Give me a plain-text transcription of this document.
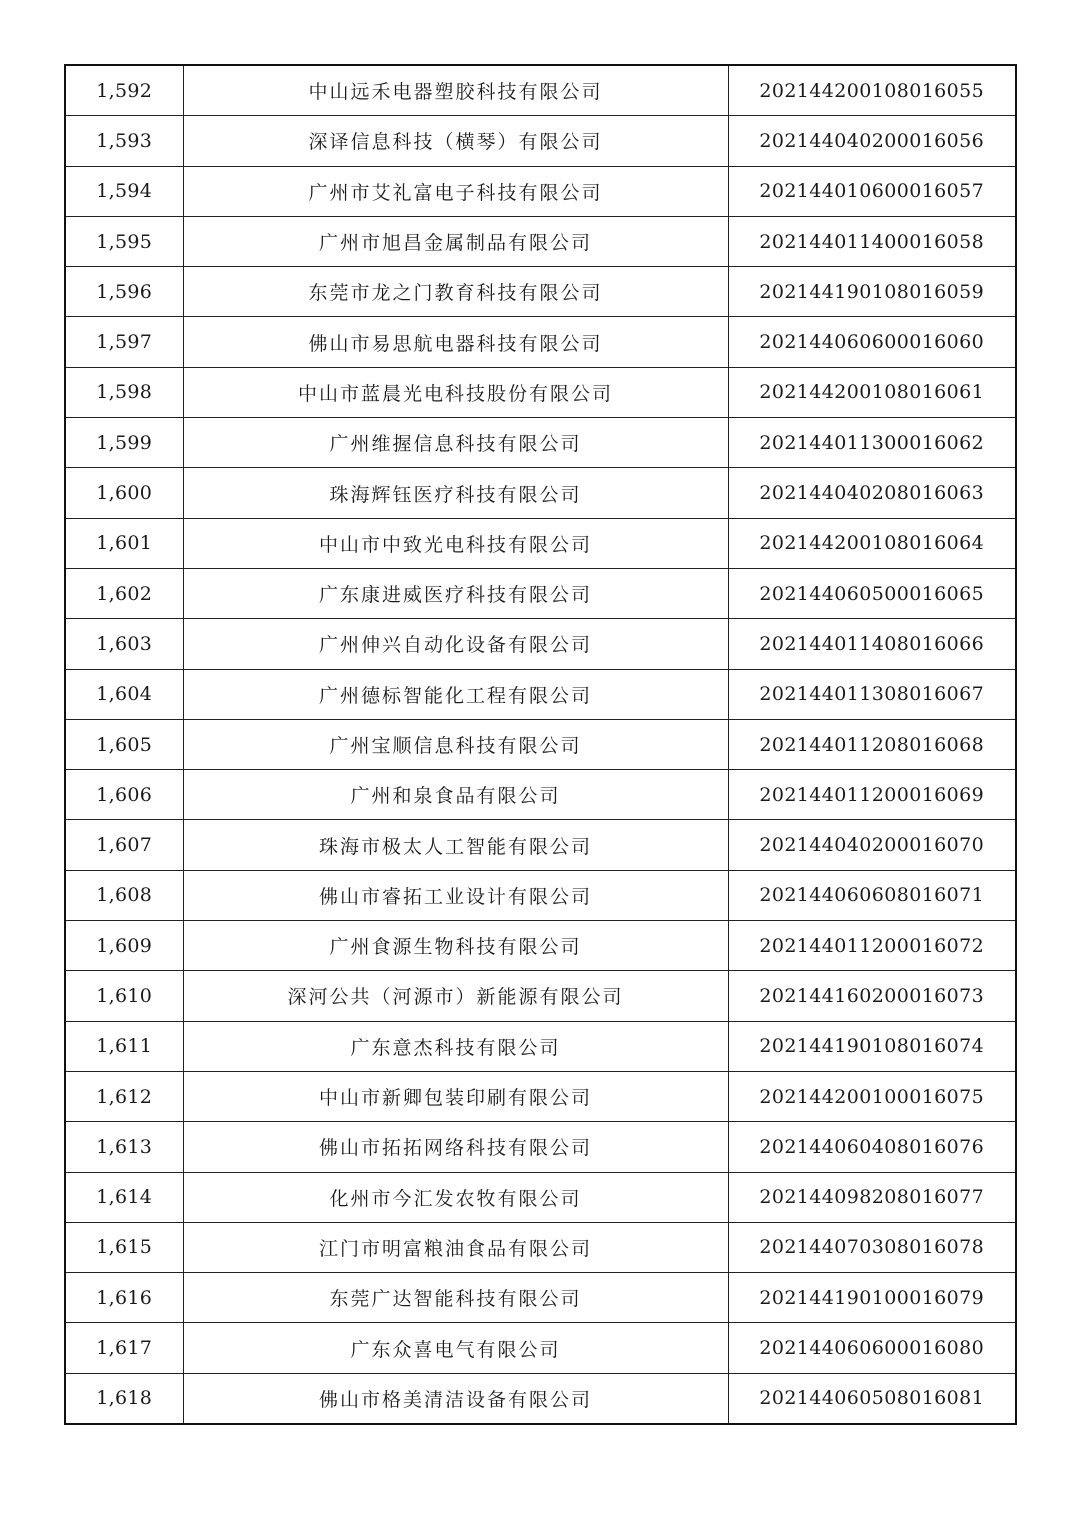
1,592	中山远禾电器塑胶科技有限公司	202144200108016055
1,593	深译信息科技（横琴）有限公司	202144040200016056
1,594	广州市艾礼富电子科技有限公司	202144010600016057
1,595	广州市旭昌金属制品有限公司	202144011400016058
1,596	东莞市龙之门教育科技有限公司	202144190108016059
1,597	佛山市易思航电器科技有限公司	202144060600016060
1,598	中山市蓝晨光电科技股份有限公司	202144200108016061
1,599	广州维握信息科技有限公司	202144011300016062
1,600	珠海辉钰医疗科技有限公司	202144040208016063
1,601	中山市中致光电科技有限公司	202144200108016064
1,602	广东康进威医疗科技有限公司	202144060500016065
1,603	广州伸兴自动化设备有限公司	202144011408016066
1,604	广州德标智能化工程有限公司	202144011308016067
1,605	广州宝顺信息科技有限公司	202144011208016068
1,606	广州和泉食品有限公司	202144011200016069
1,607	珠海市极太人工智能有限公司	202144040200016070
1,608	佛山市睿拓工业设计有限公司	202144060608016071
1,609	广州食源生物科技有限公司	202144011200016072
1,610	深河公共（河源市）新能源有限公司	202144160200016073
1,611	广东意杰科技有限公司	202144190108016074
1,612	中山市新卿包装印刷有限公司	202144200100016075
1,613	佛山市拓拓网络科技有限公司	202144060408016076
1,614	化州市今汇发农牧有限公司	202144098208016077
1,615	江门市明富粮油食品有限公司	202144070308016078
1,616	东莞广达智能科技有限公司	202144190100016079
1,617	广东众喜电气有限公司	202144060600016080
1,618	佛山市格美清洁设备有限公司	202144060508016081
